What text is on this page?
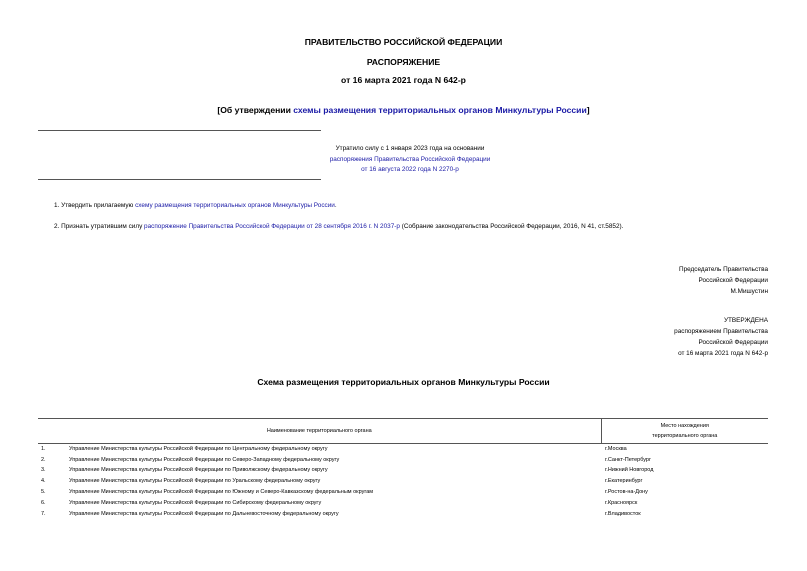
ПРАВИТЕЛЬСТВО РОССИЙСКОЙ ФЕДЕРАЦИИ
РАСПОРЯЖЕНИЕ
от 16 марта 2021 года N 642-р
[Об утверждении схемы размещения территориальных органов Минкультуры России]
Утратило силу с 1 января 2023 года на основании
распоряжения Правительства Российской Федерации
от 16 августа 2022 года N 2270-р
1. Утвердить прилагаемую схему размещения территориальных органов Минкультуры России.
2. Признать утратившим силу распоряжение Правительства Российской Федерации от 28 сентября 2016 г. N 2037-р (Собрание законодательства Российской Федерации, 2016, N 41, ст.5852).
Председатель Правительства
Российской Федерации
М.Мишустин
УТВЕРЖДЕНА
распоряжением Правительства
Российской Федерации
от 16 марта 2021 года N 642-р
Схема размещения территориальных органов Минкультуры России
Наименование территориального органа		Место нахождения
территориального органа

1.	Управление Министерства культуры Российской Федерации по Центральному федеральному округу	г.Москва
2.	Управление Министерства культуры Российской Федерации по Северо-Западному федеральному округу	г.Санкт-Петербург
3.	Управление Министерства культуры Российской Федерации по Приволжскому федеральному округу	г.Нижний Новгород
4.	Управление Министерства культуры Российской Федерации по Уральскому федеральному округу	г.Екатеринбург
5.	Управление Министерства культуры Российской Федерации по Южному и Северо-Кавказскому федеральным округам	г.Ростов-на-Дону
6.	Управление Министерства культуры Российской Федерации по Сибирскому федеральному округу	г.Красноярск
7.	Управление Министерства культуры Российской Федерации по Дальневосточному федеральному округу	г.Владивосток
